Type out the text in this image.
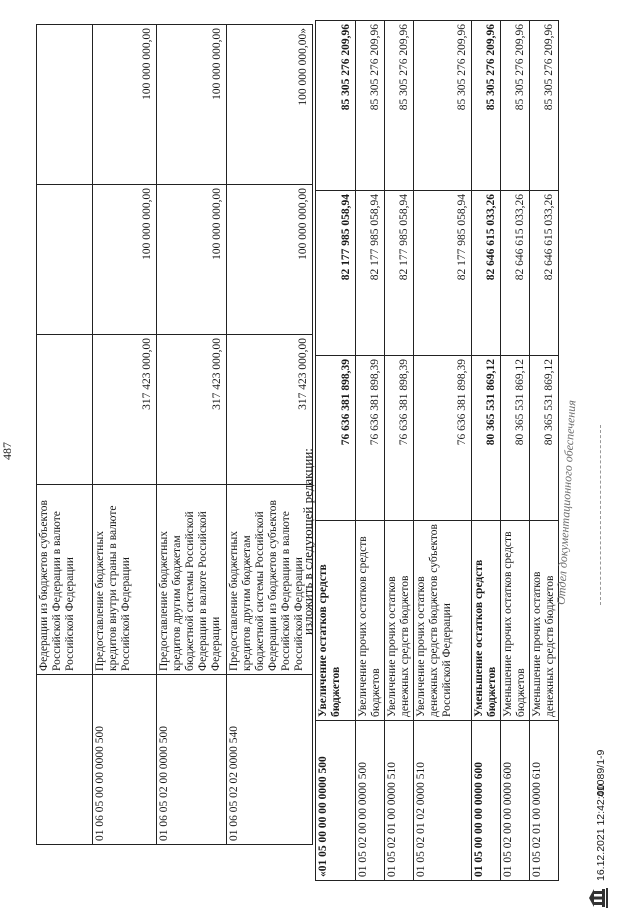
487
	Федерации из бюджетов субъектов Российской Федерации в валюте Российской Федерации			
01 06 05 00 00 0000 500	Предоставление бюджетных кредитов внутри страны в валюте Российской Федерации	317 423 000,00	100 000 000,00	100 000 000,00
01 06 05 02 00 0000 500	Предоставление бюджетных кредитов другим бюджетам бюджетной системы Российской Федерации в валюте Российской Федерации	317 423 000,00	100 000 000,00	100 000 000,00
01 06 05 02 02 0000 540	Предоставление бюджетных кредитов другим бюджетам бюджетной системы Российской Федерации из бюджетов субъектов Российской Федерации в валюте Российской Федерации	317 423 000,00	100 000 000,00	100 000 000,00»
изложить в следующей редакции:
«01 05 00 00 00 0000 500	Увеличение остатков средств бюджетов	76 636 381 898,39	82 177 985 058,94	85 305 276 209,96
01 05 02 00 00 0000 500	Увеличение прочих остатков средств бюджетов	76 636 381 898,39	82 177 985 058,94	85 305 276 209,96
01 05 02 01 00 0000 510	Увеличение прочих остатков денежных средств бюджетов	76 636 381 898,39	82 177 985 058,94	85 305 276 209,96
01 05 02 01 02 0000 510	Увеличение прочих остатков денежных средств бюджетов субъектов Российской Федерации	76 636 381 898,39	82 177 985 058,94	85 305 276 209,96
01 05 00 00 00 0000 600	Уменьшение остатков средств бюджетов	80 365 531 869,12	82 646 615 033,26	85 305 276 209,96
01 05 02 00 00 0000 600	Уменьшение прочих остатков средств бюджетов	80 365 531 869,12	82 646 615 033,26	85 305 276 209,96
01 05 02 01 00 0000 610	Уменьшение прочих остатков денежных средств бюджетов	80 365 531 869,12	82 646 615 033,26	85 305 276 209,96
16.12.2021 12:42:00
41089/1-9
Отдел документационного обеспечения
